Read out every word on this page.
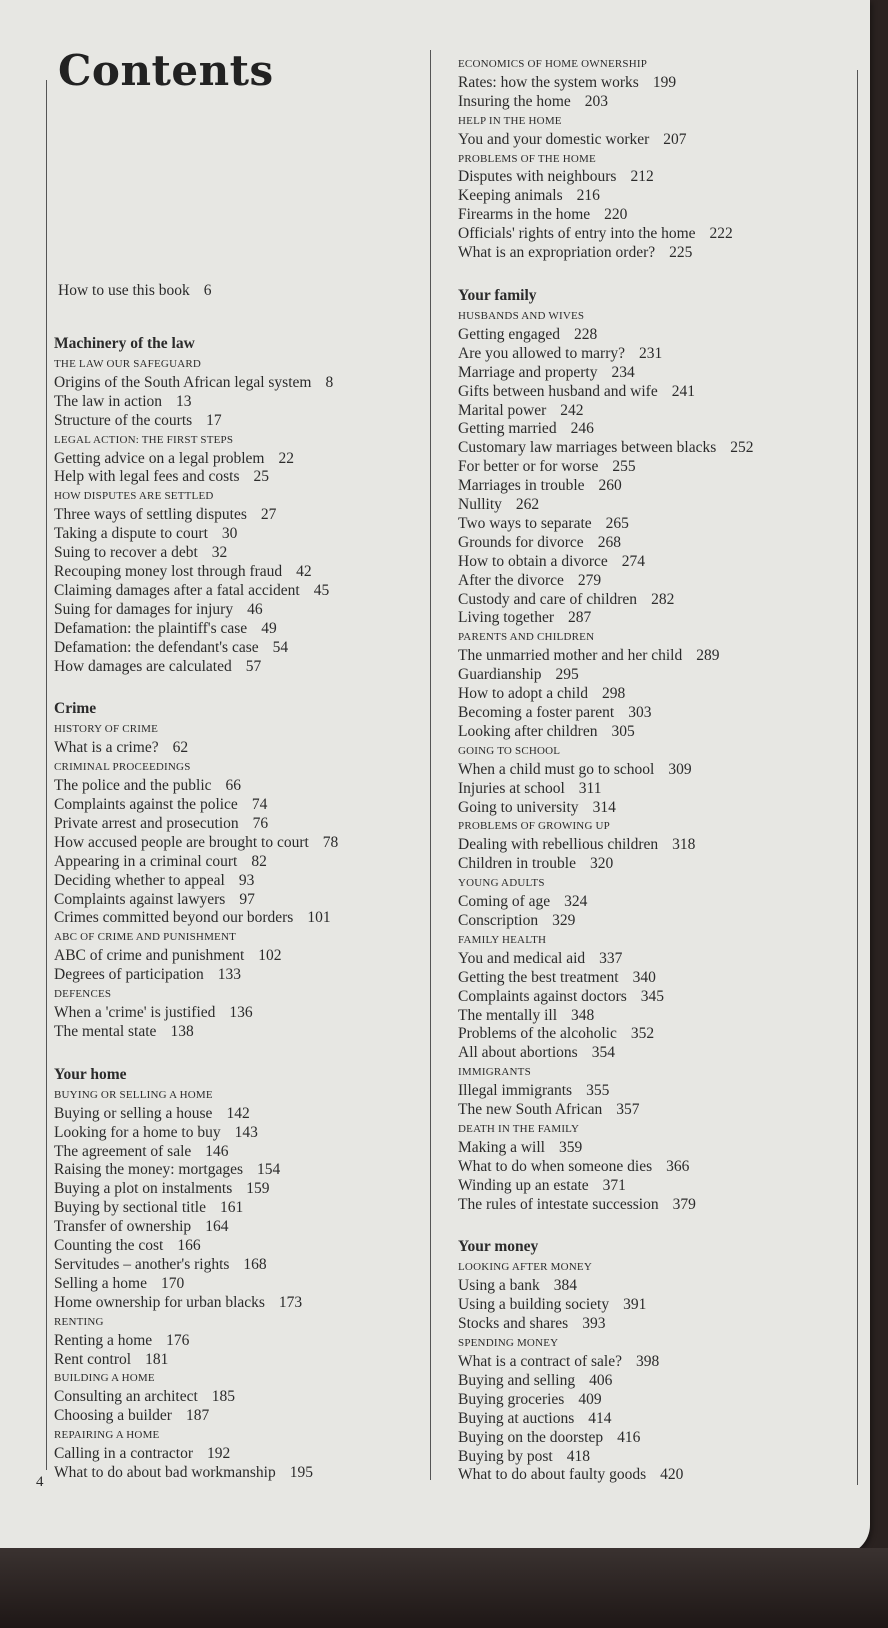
Contents
How to use this book 6
Machinery of the law
THE LAW OUR SAFEGUARD
Origins of the South African legal system 8
The law in action 13
Structure of the courts 17
LEGAL ACTION: THE FIRST STEPS
Getting advice on a legal problem 22
Help with legal fees and costs 25
HOW DISPUTES ARE SETTLED
Three ways of settling disputes 27
Taking a dispute to court 30
Suing to recover a debt 32
Recouping money lost through fraud 42
Claiming damages after a fatal accident 45
Suing for damages for injury 46
Defamation: the plaintiff's case 49
Defamation: the defendant's case 54
How damages are calculated 57
Crime
HISTORY OF CRIME
What is a crime? 62
CRIMINAL PROCEEDINGS
The police and the public 66
Complaints against the police 74
Private arrest and prosecution 76
How accused people are brought to court 78
Appearing in a criminal court 82
Deciding whether to appeal 93
Complaints against lawyers 97
Crimes committed beyond our borders 101
ABC OF CRIME AND PUNISHMENT
ABC of crime and punishment 102
Degrees of participation 133
DEFENCES
When a 'crime' is justified 136
The mental state 138
Your home
BUYING OR SELLING A HOME
Buying or selling a house 142
Looking for a home to buy 143
The agreement of sale 146
Raising the money: mortgages 154
Buying a plot on instalments 159
Buying by sectional title 161
Transfer of ownership 164
Counting the cost 166
Servitudes – another's rights 168
Selling a home 170
Home ownership for urban blacks 173
RENTING
Renting a home 176
Rent control 181
BUILDING A HOME
Consulting an architect 185
Choosing a builder 187
REPAIRING A HOME
Calling in a contractor 192
What to do about bad workmanship 195
ECONOMICS OF HOME OWNERSHIP
Rates: how the system works 199
Insuring the home 203
HELP IN THE HOME
You and your domestic worker 207
PROBLEMS OF THE HOME
Disputes with neighbours 212
Keeping animals 216
Firearms in the home 220
Officials' rights of entry into the home 222
What is an expropriation order? 225
Your family
HUSBANDS AND WIVES
Getting engaged 228
Are you allowed to marry? 231
Marriage and property 234
Gifts between husband and wife 241
Marital power 242
Getting married 246
Customary law marriages between blacks 252
For better or for worse 255
Marriages in trouble 260
Nullity 262
Two ways to separate 265
Grounds for divorce 268
How to obtain a divorce 274
After the divorce 279
Custody and care of children 282
Living together 287
PARENTS AND CHILDREN
The unmarried mother and her child 289
Guardianship 295
How to adopt a child 298
Becoming a foster parent 303
Looking after children 305
GOING TO SCHOOL
When a child must go to school 309
Injuries at school 311
Going to university 314
PROBLEMS OF GROWING UP
Dealing with rebellious children 318
Children in trouble 320
YOUNG ADULTS
Coming of age 324
Conscription 329
FAMILY HEALTH
You and medical aid 337
Getting the best treatment 340
Complaints against doctors 345
The mentally ill 348
Problems of the alcoholic 352
All about abortions 354
IMMIGRANTS
Illegal immigrants 355
The new South African 357
DEATH IN THE FAMILY
Making a will 359
What to do when someone dies 366
Winding up an estate 371
The rules of intestate succession 379
Your money
LOOKING AFTER MONEY
Using a bank 384
Using a building society 391
Stocks and shares 393
SPENDING MONEY
What is a contract of sale? 398
Buying and selling 406
Buying groceries 409
Buying at auctions 414
Buying on the doorstep 416
Buying by post 418
What to do about faulty goods 420
4
